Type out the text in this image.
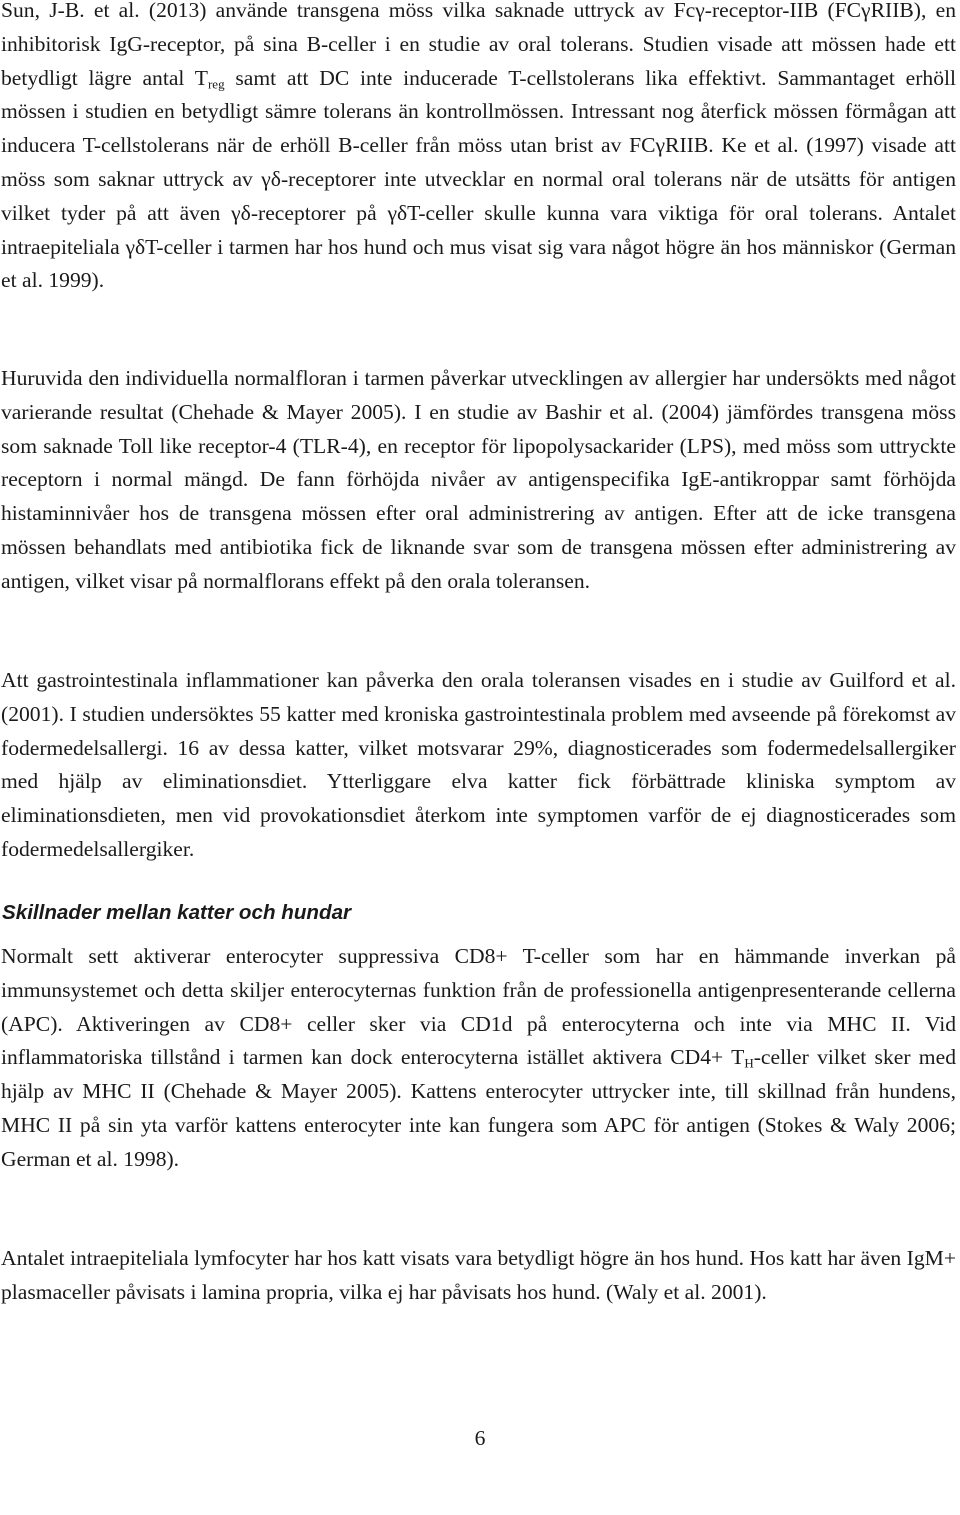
Sun, J-B. et al. (2013) använde transgena möss vilka saknade uttryck av Fcγ-receptor-IIB (FCγRIIB), en inhibitorisk IgG-receptor, på sina B-celler i en studie av oral tolerans. Studien visade att mössen hade ett betydligt lägre antal $T_{reg}$ samt att DC inte inducerade T-cellstolerans lika effektivt. Sammantaget erhöll mössen i studien en betydligt sämre tolerans än kontrollmössen. Intressant nog återfick mössen förmågan att inducera T-cellstolerans när de erhöll B-celler från möss utan brist av FCγRIIB. Ke et al. (1997) visade att möss som saknar uttryck av γδ-receptorer inte utvecklar en normal oral tolerans när de utsätts för antigen vilket tyder på att även γδ-receptorer på γδT-celler skulle kunna vara viktiga för oral tolerans. Antalet intraepiteliala γδT-celler i tarmen har hos hund och mus visat sig vara något högre än hos människor (German et al. 1999).

Huruvida den individuella normalfloran i tarmen påverkar utvecklingen av allergier har undersökts med något varierande resultat (Chehade & Mayer 2005). I en studie av Bashir et al. (2004) jämfördes transgena möss som saknade Toll like receptor-4 (TLR-4), en receptor för lipopolysackarider (LPS), med möss som uttryckte receptorn i normal mängd. De fann förhöjda nivåer av antigenspecifika IgE-antikroppar samt förhöjda histaminnivåer hos de transgena mössen efter oral administrering av antigen. Efter att de icke transgena mössen behandlats med antibiotika fick de liknande svar som de transgena mössen efter administrering av antigen, vilket visar på normalflorans effekt på den orala toleransen.

Att gastrointestinala inflammationer kan påverka den orala toleransen visades en i studie av Guilford et al. (2001). I studien undersöktes 55 katter med kroniska gastrointestinala problem med avseende på förekomst av fodermedelsallergi. 16 av dessa katter, vilket motsvarar 29%, diagnosticerades som fodermedelsallergiker med hjälp av eliminationsdiet. Ytterliggare elva katter fick förbättrade kliniska symptom av eliminationsdieten, men vid provokationsdiet återkom inte symptomen varför de ej diagnosticerades som fodermedelsallergiker.

Skillnader mellan katter och hundar

Normalt sett aktiverar enterocyter suppressiva CD8+ T-celler som har en hämmande inverkan på immunsystemet och detta skiljer enterocyternas funktion från de professionella antigenpresenterande cellerna (APC). Aktiveringen av CD8+ celler sker via CD1d på enterocyterna och inte via MHC II. Vid inflammatoriska tillstånd i tarmen kan dock enterocyterna istället aktivera $CD4+ T_H$-celler vilket sker med hjälp av MHC II (Chehade & Mayer 2005). Kattens enterocyter uttrycker inte, till skillnad från hundens, MHC II på sin yta varför kattens enterocyter inte kan fungera som APC för antigen (Stokes & Waly 2006; German et al. 1998).

Antalet intraepiteliala lymfocyter har hos katt visats vara betydligt högre än hos hund. Hos katt har även IgM+ plasmaceller påvisats i lamina propria, vilka ej har påvisats hos hund. (Waly et al. 2001).

6
